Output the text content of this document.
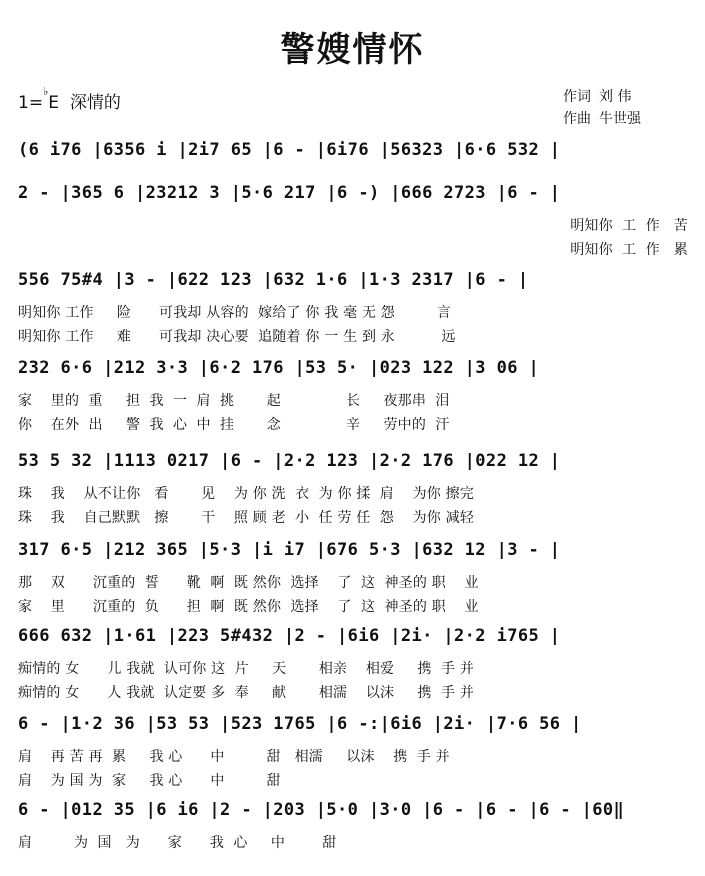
警嫂情怀
1=♭E 深情的	作词 刘 伟
作曲 牛世强
(6 i76 |6356 i |2i7 65 |6 - |6i76 |56323 |6·6 532 |
2 - |365 6 |23212 3 |5·6 217 |6 -) |666 2723 |6 - |
明知你  工  作   苦
明知你  工  作   累
556 75#4 |3 - |622 123 |632 1·6 |1·3 2317 |6 - |
明知你 工作     险      可我却 从容的  嫁给了 你 我 毫 无 怨         言
明知你 工作     难      可我却 决心要  追随着 你 一 生 到 永          远
232 6·6 |212 3·3 |6·2 176 |53 5· |023 122 |3 06 |
家    里的  重     担  我  一  肩  挑       起              长     夜那串  泪
你    在外  出     警  我  心  中  挂       念              辛     劳中的  汗
53 5 32 |1113 0217 |6 - |2·2 123 |2·2 176 |022 12 |
珠    我    从不让你   看       见    为 你 洗  衣  为 你 揉  肩    为你 擦完
珠    我    自己默默   擦       干    照 顾 老  小  任 劳 任  怨    为你 减轻
317 6·5 |212 365 |5·3 |i i7 |676 5·3 |632 12 |3 - |
那    双      沉重的  誓      靴  啊  既 然你  选择    了  这  神圣的 职    业
家    里      沉重的  负      担  啊  既 然你  选择    了  这  神圣的 职    业
666 632 |1·61 |223 5#432 |2 - |6i6 |2i· |2·2 i765 |
痴情的 女      儿 我就  认可你 这  片     天       相亲    相爱     携  手 并
痴情的 女      人 我就  认定要 多  奉     献       相濡    以沫     携  手 并
6 - |1·2 36 |53 53 |523 1765 |6 -:|6i6 |2i· |7·6 56 |
肩    再 苦 再  累     我 心      中         甜   相濡     以沫    携  手 并
肩    为 国 为  家     我 心      中         甜
6 - |012 35 |6 i6 |2 - |203 |5·0 |3·0 |6 - |6 - |6 - |60‖
肩         为  国   为      家      我  心     中        甜
